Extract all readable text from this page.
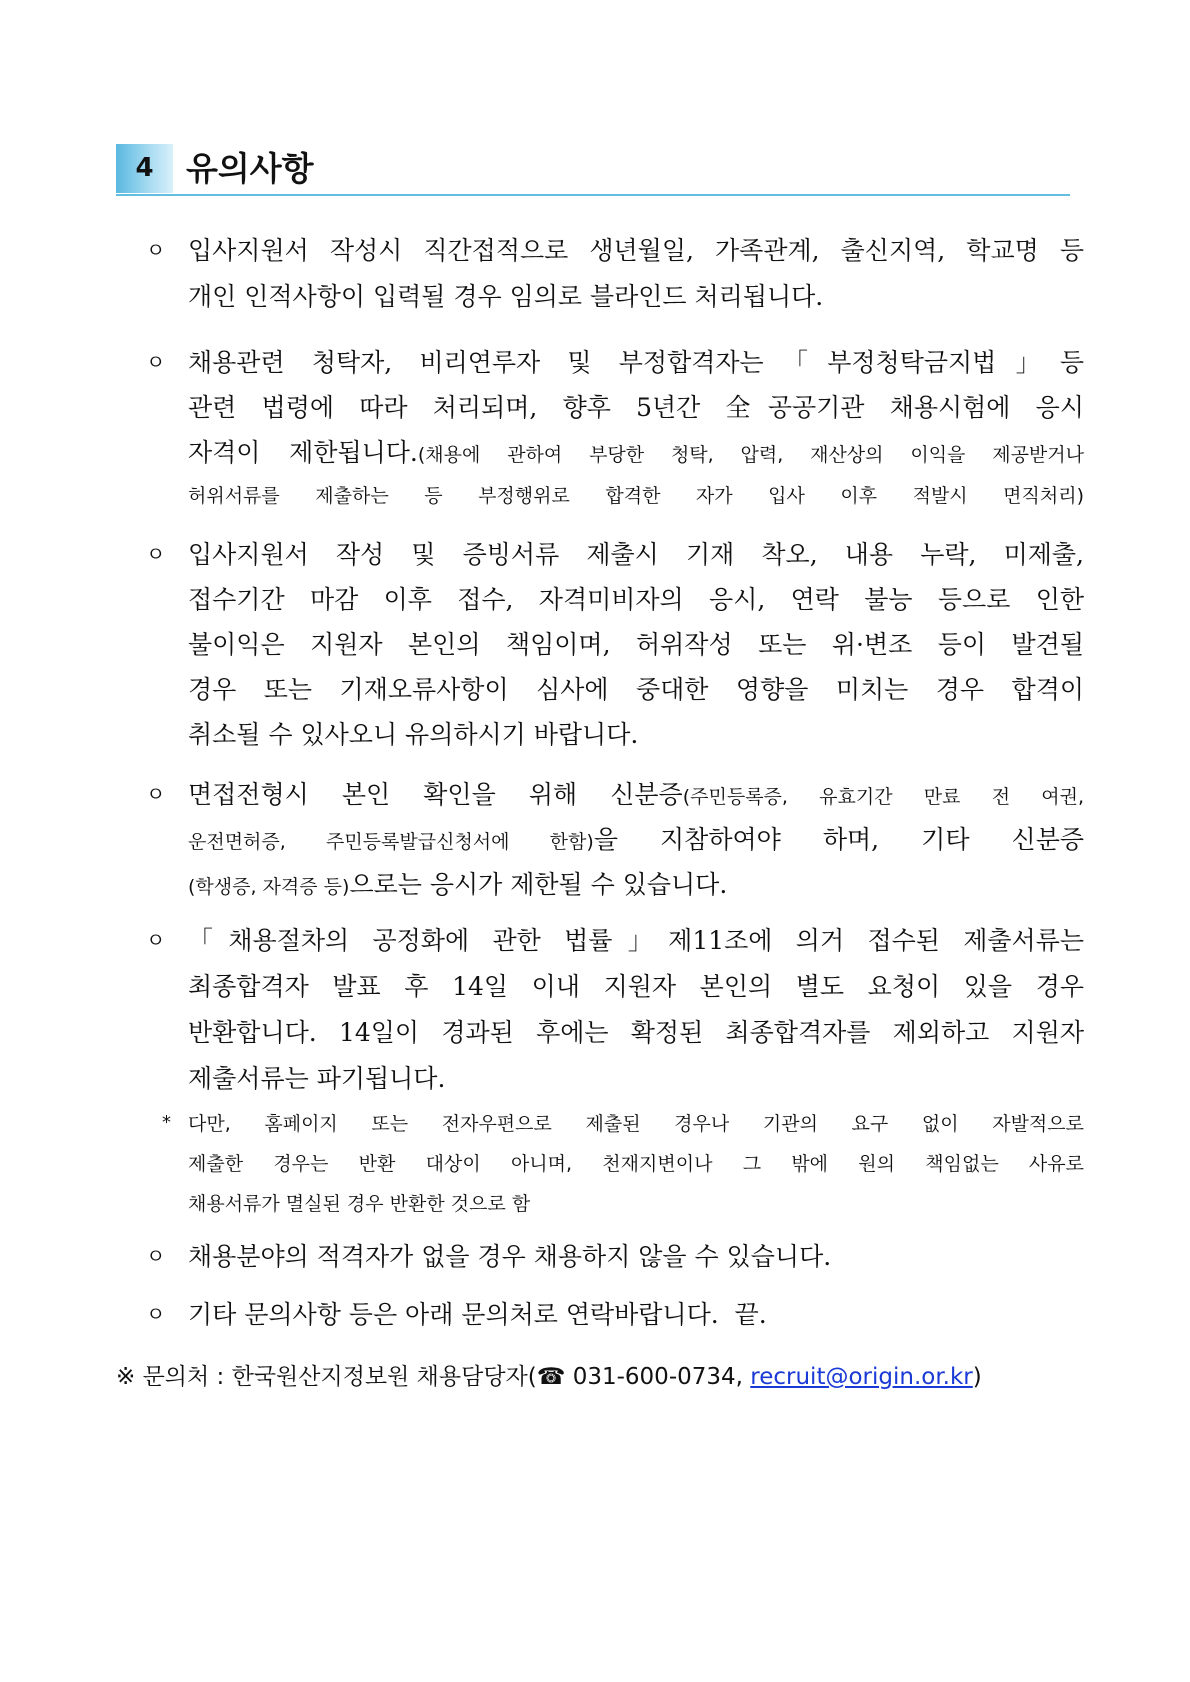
4 유의사항
ㅇ 입사지원서 작성시 직간접적으로 생년월일, 가족관계, 출신지역, 학교명 등
개인 인적사항이 입력될 경우 임의로 블라인드 처리됩니다.
ㅇ 채용관련 청탁자, 비리연루자 및 부정합격자는「부정청탁금지법」등
관련 법령에 따라 처리되며, 향후 5년간 全공공기관 채용시험에 응시
자격이 제한됩니다.(채용에 관하여 부당한 청탁, 압력, 재산상의 이익을 제공받거나
허위서류를 제출하는 등 부정행위로 합격한 자가 입사 이후 적발시 면직처리)
ㅇ 입사지원서 작성 및 증빙서류 제출시 기재 착오, 내용 누락, 미제출,
접수기간 마감 이후 접수, 자격미비자의 응시, 연락 불능 등으로 인한
불이익은 지원자 본인의 책임이며, 허위작성 또는 위·변조 등이 발견될
경우 또는 기재오류사항이 심사에 중대한 영향을 미치는 경우 합격이
취소될 수 있사오니 유의하시기 바랍니다.
ㅇ 면접전형시 본인 확인을 위해 신분증(주민등록증, 유효기간 만료 전 여권,
운전면허증, 주민등록발급신청서에 한함)을 지참하여야 하며, 기타 신분증
(학생증, 자격증 등)으로는 응시가 제한될 수 있습니다.
ㅇ 「채용절차의 공정화에 관한 법률」제11조에 의거 접수된 제출서류는
최종합격자 발표 후 14일 이내 지원자 본인의 별도 요청이 있을 경우
반환합니다. 14일이 경과된 후에는 확정된 최종합격자를 제외하고 지원자
제출서류는 파기됩니다.
* 다만, 홈페이지 또는 전자우편으로 제출된 경우나 기관의 요구 없이 자발적으로
제출한 경우는 반환 대상이 아니며, 천재지변이나 그 밖에 원의 책임없는 사유로
채용서류가 멸실된 경우 반환한 것으로 함
ㅇ 채용분야의 적격자가 없을 경우 채용하지 않을 수 있습니다.
ㅇ 기타 문의사항 등은 아래 문의처로 연락바랍니다.  끝.
※ 문의처 : 한국원산지정보원 채용담당자(☎ 031-600-0734, recruit@origin.or.kr)
